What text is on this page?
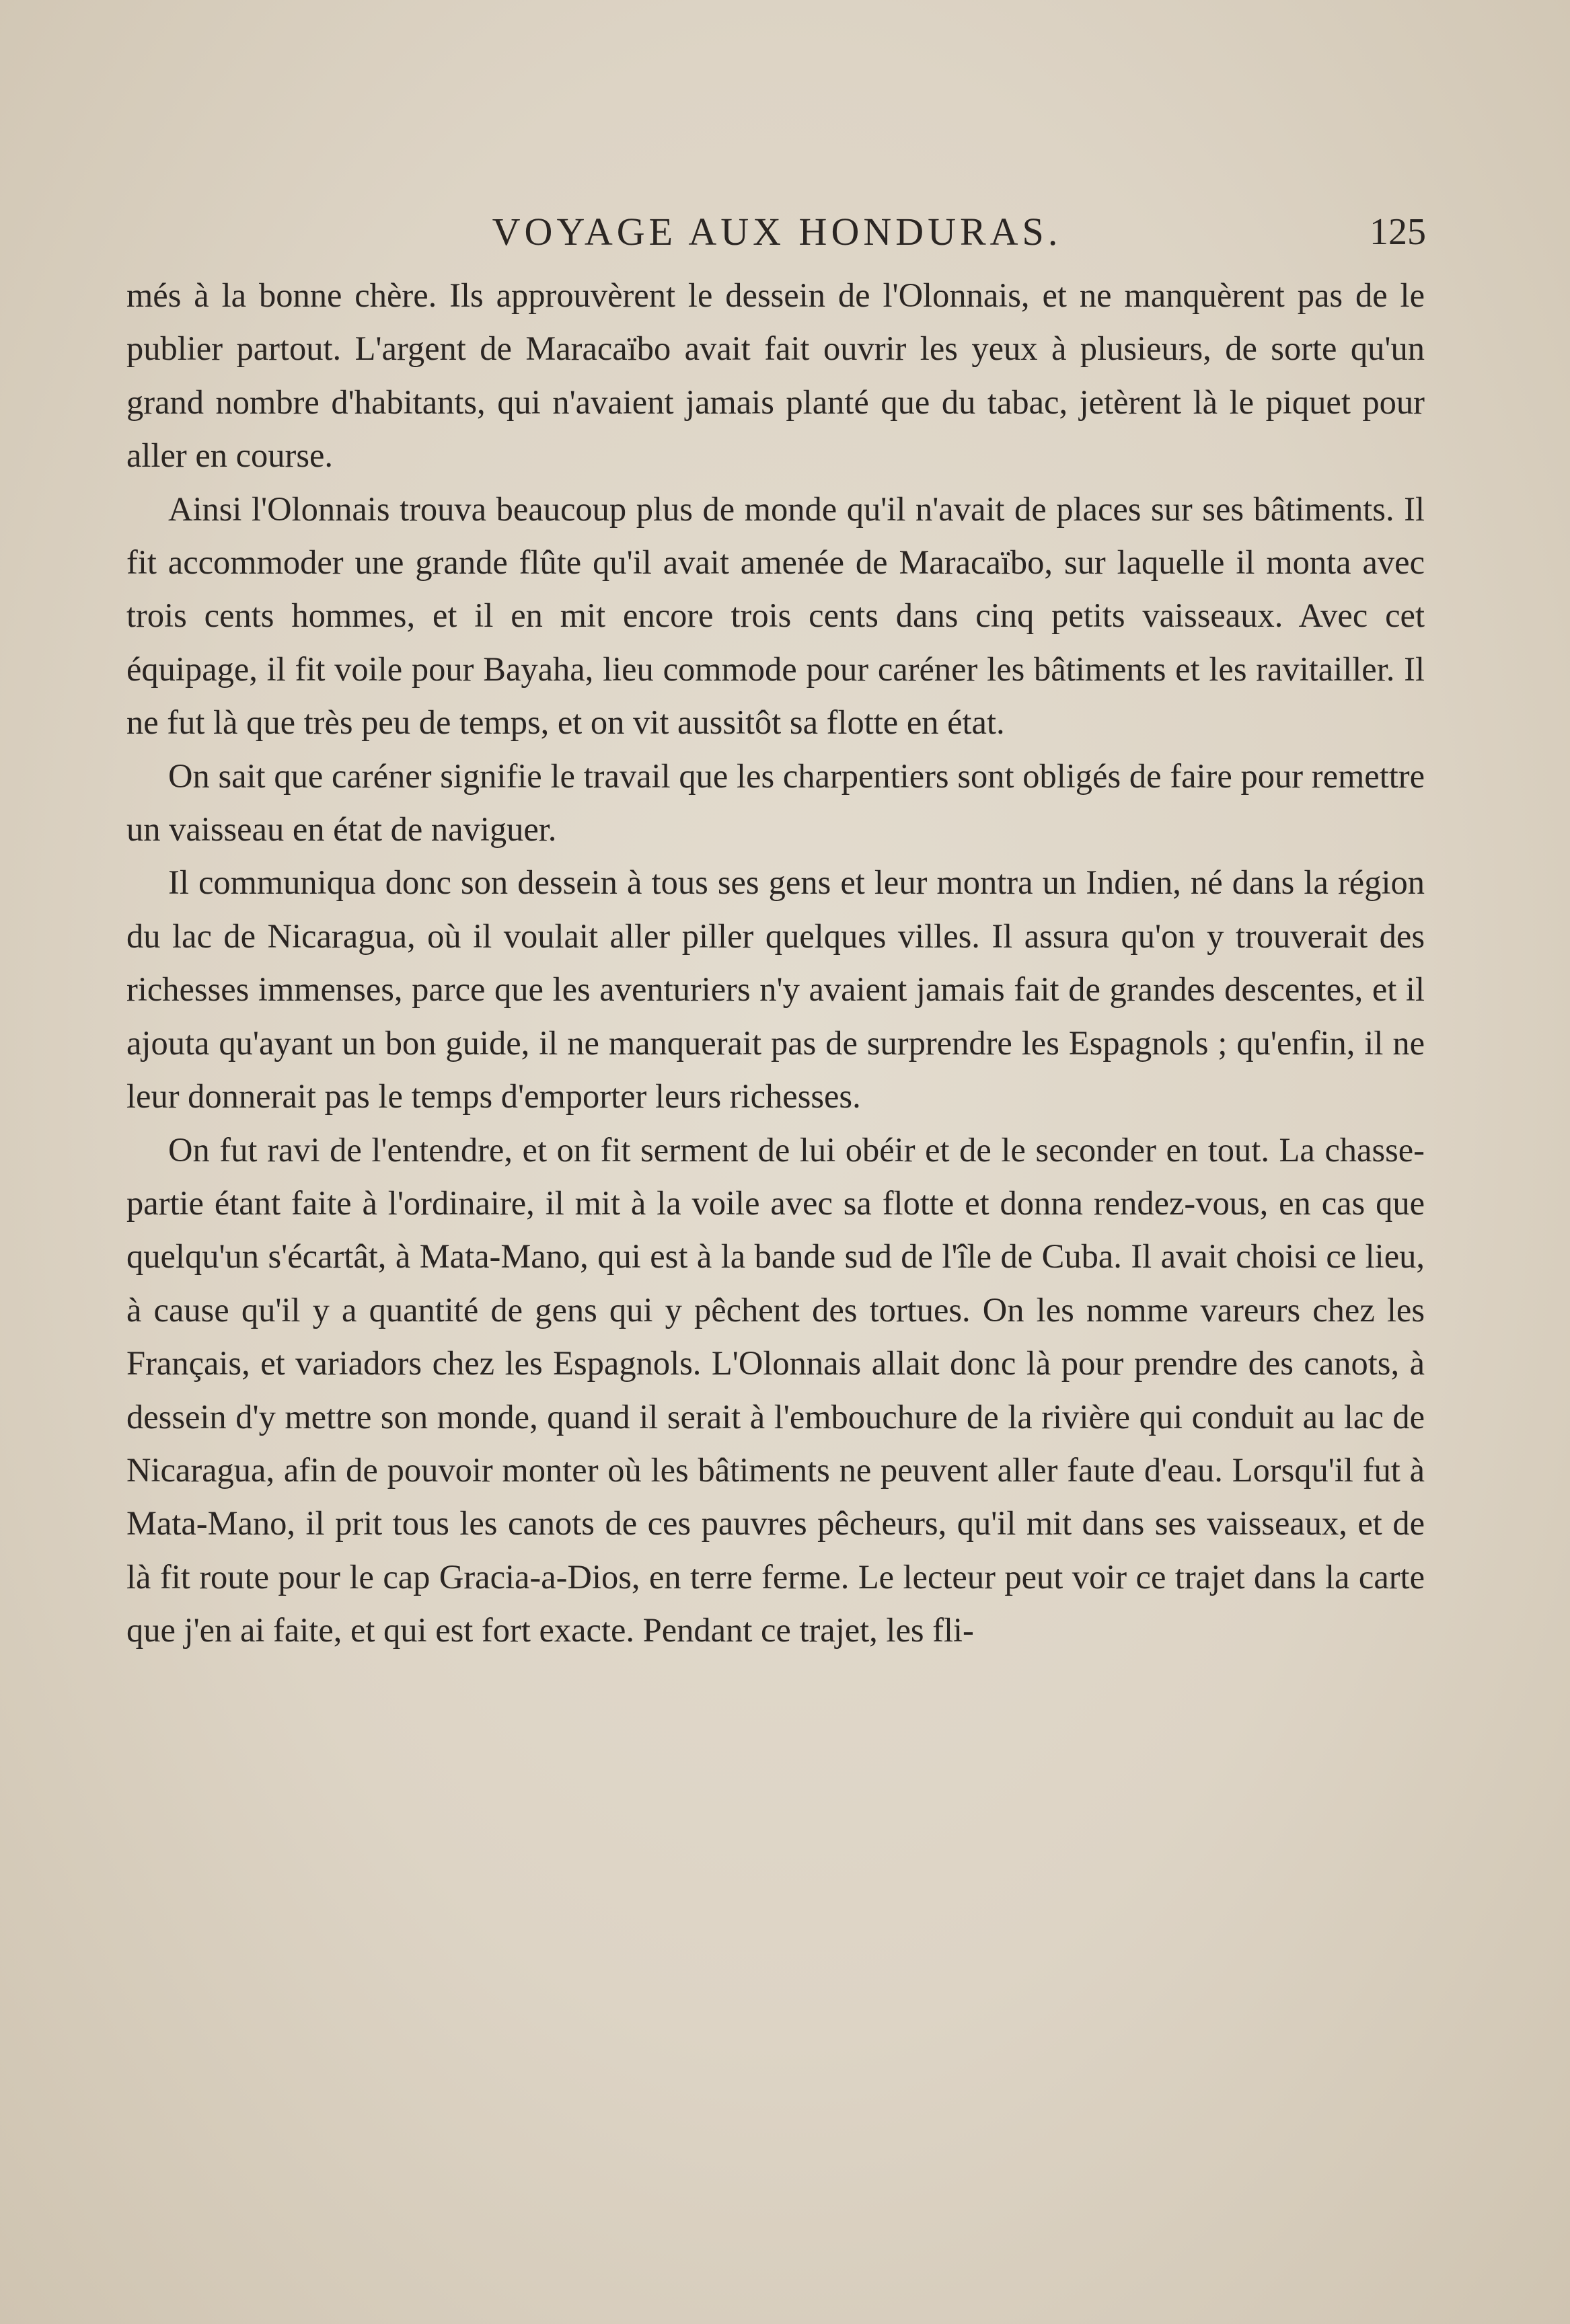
VOYAGE AUX HONDURAS.	125

més à la bonne chère. Ils approuvèrent le dessein de l'Olonnais, et ne manquèrent pas de le publier partout. L'argent de Maracaïbo avait fait ouvrir les yeux à plusieurs, de sorte qu'un grand nombre d'habitants, qui n'avaient jamais planté que du tabac, jetèrent là le piquet pour aller en course.

Ainsi l'Olonnais trouva beaucoup plus de monde qu'il n'avait de places sur ses bâtiments. Il fit accommoder une grande flûte qu'il avait amenée de Maracaïbo, sur laquelle il monta avec trois cents hommes, et il en mit encore trois cents dans cinq petits vaisseaux. Avec cet équipage, il fit voile pour Bayaha, lieu commode pour caréner les bâtiments et les ravitailler. Il ne fut là que très peu de temps, et on vit aussitôt sa flotte en état.

On sait que caréner signifie le travail que les charpentiers sont obligés de faire pour remettre un vaisseau en état de naviguer.

Il communiqua donc son dessein à tous ses gens et leur montra un Indien, né dans la région du lac de Nicaragua, où il voulait aller piller quelques villes. Il assura qu'on y trouverait des richesses immenses, parce que les aventuriers n'y avaient jamais fait de grandes descentes, et il ajouta qu'ayant un bon guide, il ne manquerait pas de surprendre les Espagnols ; qu'enfin, il ne leur donnerait pas le temps d'emporter leurs richesses.

On fut ravi de l'entendre, et on fit serment de lui obéir et de le seconder en tout. La chasse-partie étant faite à l'ordinaire, il mit à la voile avec sa flotte et donna rendez-vous, en cas que quelqu'un s'écartât, à Mata-Mano, qui est à la bande sud de l'île de Cuba. Il avait choisi ce lieu, à cause qu'il y a quantité de gens qui y pêchent des tortues. On les nomme vareurs chez les Français, et variadors chez les Espagnols. L'Olonnais allait donc là pour prendre des canots, à dessein d'y mettre son monde, quand il serait à l'embouchure de la rivière qui conduit au lac de Nicaragua, afin de pouvoir monter où les bâtiments ne peuvent aller faute d'eau. Lorsqu'il fut à Mata-Mano, il prit tous les canots de ces pauvres pêcheurs, qu'il mit dans ses vaisseaux, et de là fit route pour le cap Gracia-a-Dios, en terre ferme. Le lecteur peut voir ce trajet dans la carte que j'en ai faite, et qui est fort exacte. Pendant ce trajet, les fli-
